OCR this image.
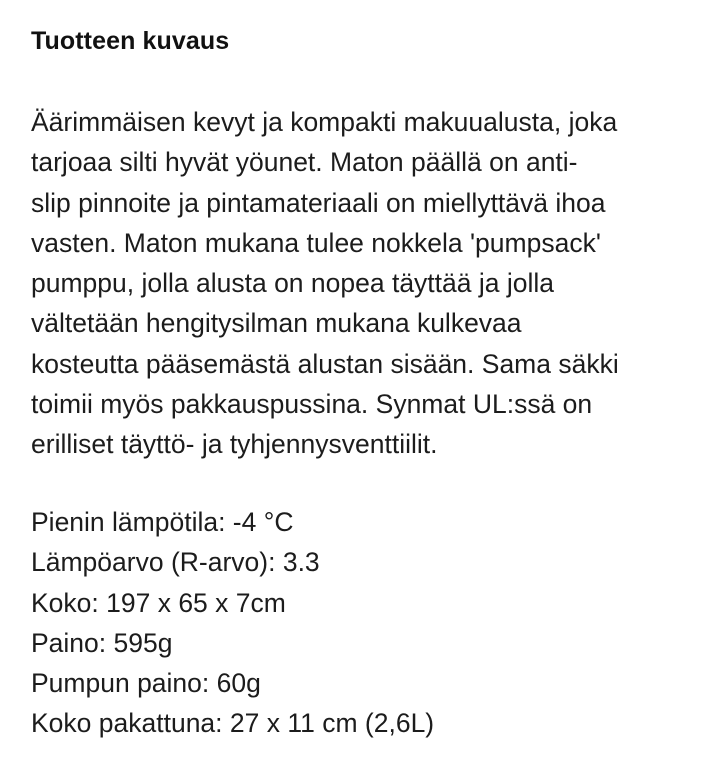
Tuotteen kuvaus

Äärimmäisen kevyt ja kompakti makuualusta, joka
tarjoaa silti hyvät yöunet. Maton päällä on anti-
slip pinnoite ja pintamateriaali on miellyttävä ihoa
vasten. Maton mukana tulee nokkela 'pumpsack'
pumppu, jolla alusta on nopea täyttää ja jolla
vältetään hengitysilman mukana kulkevaa
kosteutta pääsemästä alustan sisään. Sama säkki
toimii myös pakkauspussina. Synmat UL:ssä on
erilliset täyttö- ja tyhjennysventtiilit.

Pienin lämpötila: -4 °C
Lämpöarvo (R-arvo): 3.3
Koko: 197 x 65 x 7cm
Paino: 595g
Pumpun paino: 60g
Koko pakattuna: 27 x 11 cm (2,6L)
